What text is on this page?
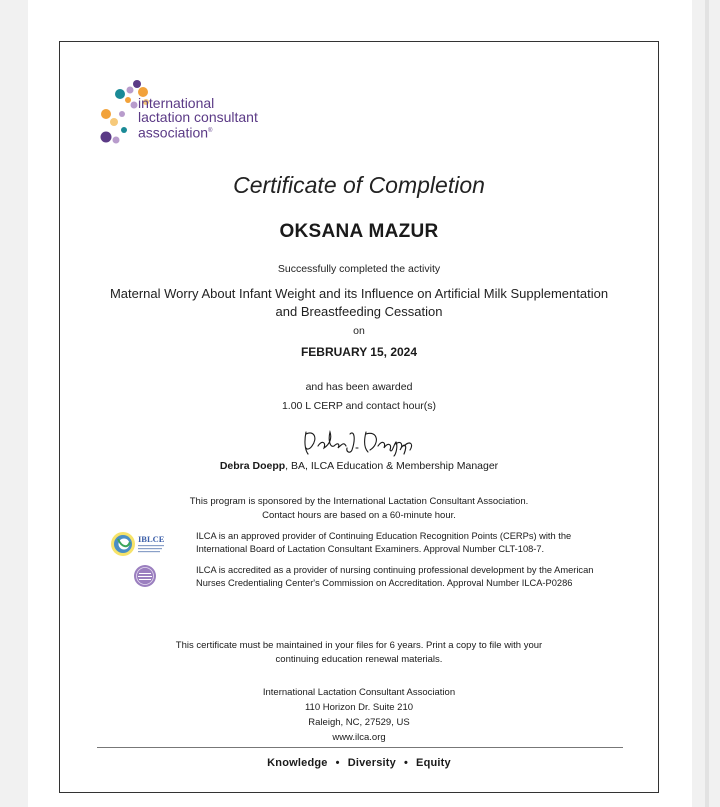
international
lactation consultant
association®
Certificate of Completion
OKSANA MAZUR
Successfully completed the activity
Maternal Worry About Infant Weight and its Influence on Artificial Milk Supplementation
and Breastfeeding Cessation
on
FEBRUARY 15, 2024
and has been awarded
1.00 L CERP and contact hour(s)
Debra Doepp, BA, ILCA Education & Membership Manager
This program is sponsored by the International Lactation Consultant Association.
Contact hours are based on a 60-minute hour.
IBLCE	ILCA is an approved provider of Continuing Education Recognition Points (CERPs) with the
International Board of Lactation Consultant Examiners. Approval Number CLT-108-7.
ILCA is accredited as a provider of nursing continuing professional development by the American
Nurses Credentialing Center's Commission on Accreditation. Approval Number ILCA-P0286
This certificate must be maintained in your files for 6 years. Print a copy to file with your
continuing education renewal materials.
International Lactation Consultant Association
110 Horizon Dr. Suite 210
Raleigh, NC, 27529, US
www.ilca.org
Knowledge • Diversity • Equity
